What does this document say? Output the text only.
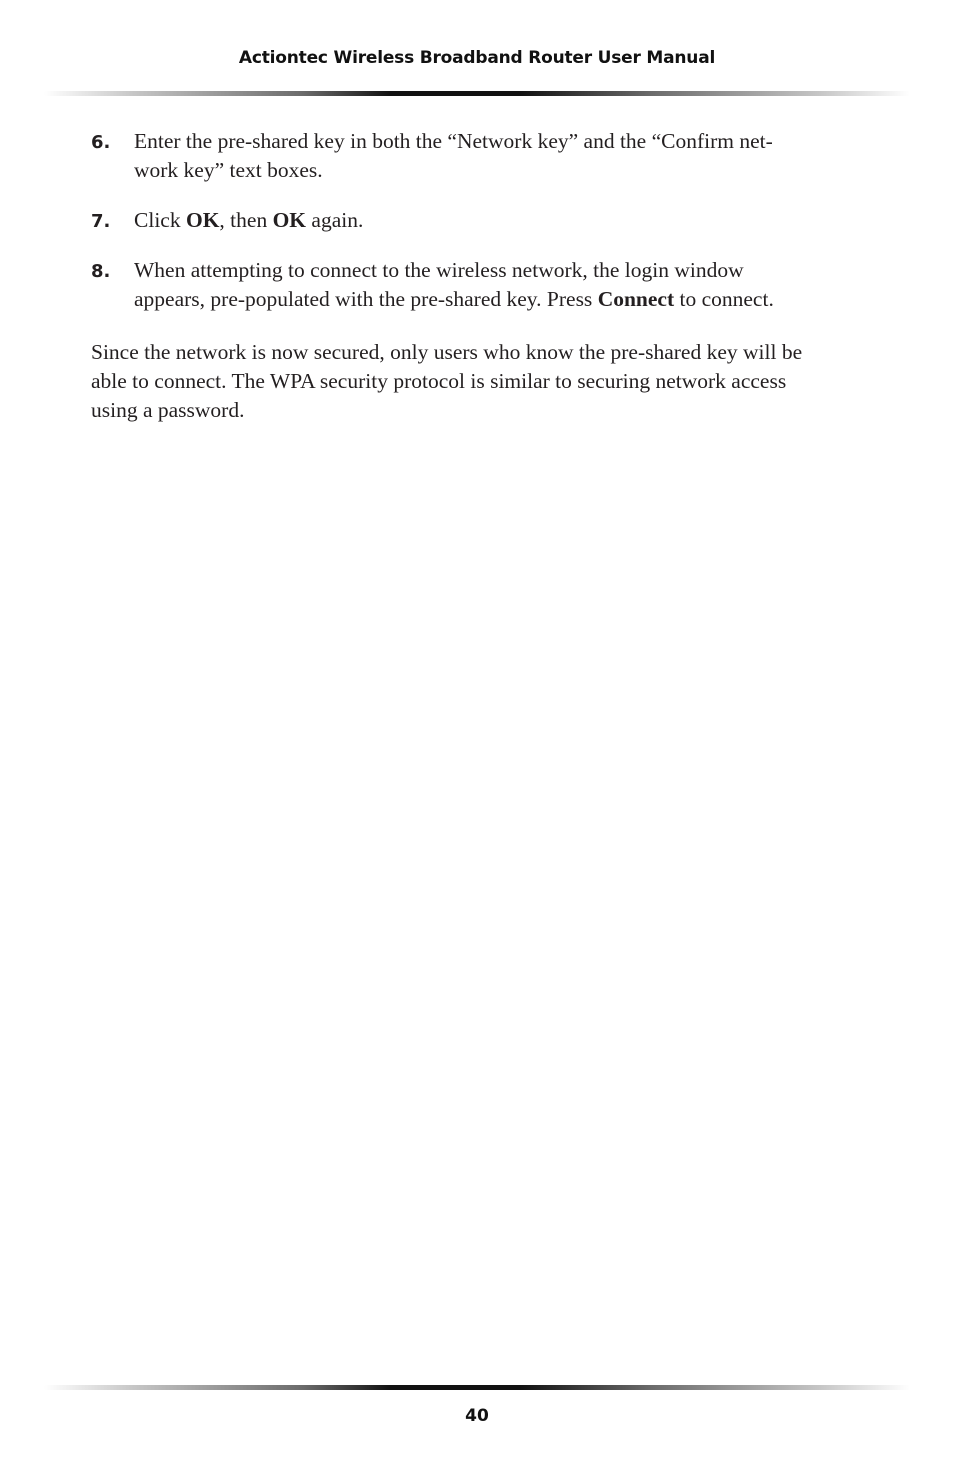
Actiontec Wireless Broadband Router User Manual
6. Enter the pre-shared key in both the “Network key” and the “Confirm net-
work key” text boxes.
7. Click OK, then OK again.
8. When attempting to connect to the wireless network, the login window
appears, pre-populated with the pre-shared key. Press Connect to connect.
Since the network is now secured, only users who know the pre-shared key will be
able to connect. The WPA security protocol is similar to securing network access
using a password.
40
